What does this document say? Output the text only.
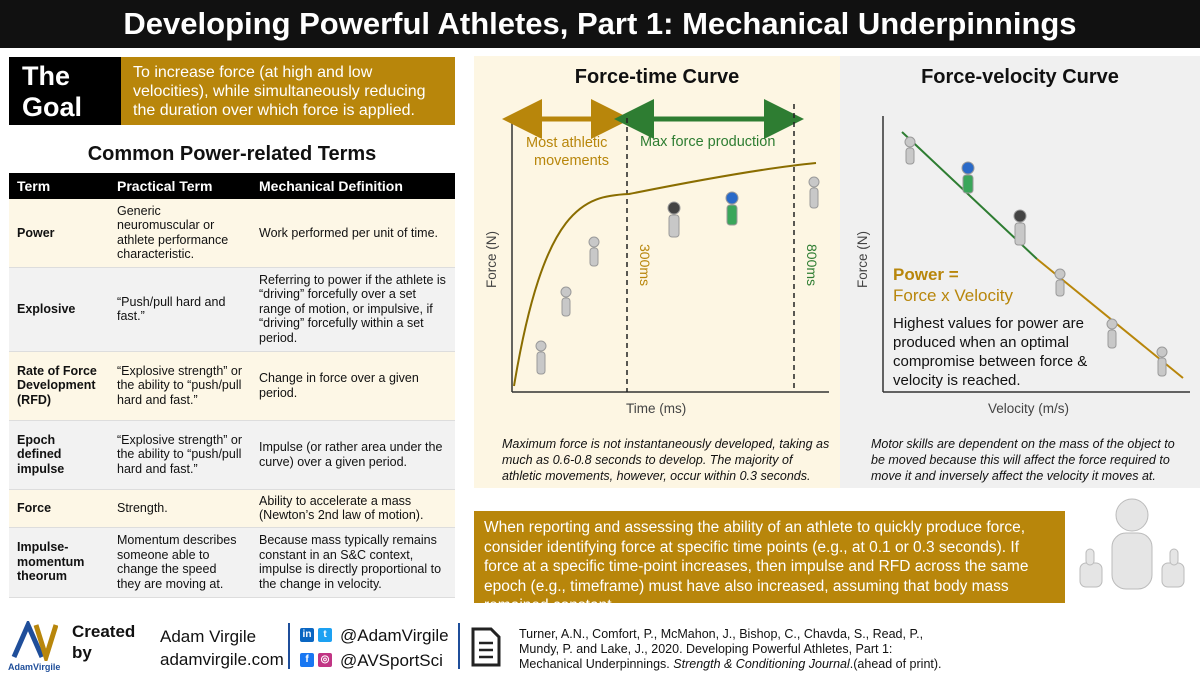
Developing Powerful Athletes, Part 1: Mechanical Underpinnings
The
Goal
To increase force (at high and low velocities), while simultaneously reducing the duration over which force is applied.
Common Power-related Terms
Term	Practical Term	Mechanical Definition
Power	Generic neuromuscular or athlete performance characteristic.	Work performed per unit of time.
Explosive	“Push/pull hard and fast.”	Referring to power if the athlete is “driving” forcefully over a set range of motion, or impulsive, if “driving” forcefully within a set period.
Rate of Force Development (RFD)	“Explosive strength” or the ability to “push/pull hard and fast.”	Change in force over a given period.
Epoch defined impulse	“Explosive strength” or the ability to “push/pull hard and fast.”	Impulse (or rather area under the curve) over a given period.
Force	Strength.	Ability to accelerate a mass (Newton’s 2nd law of motion).
Impulse-momentum theorum	Momentum describes someone able to change the speed they are moving at.	Because mass typically remains constant in an S&C context, impulse is directly proportional to the change in velocity.
Force-time Curve
Most athletic
movements
Max force production
300ms	800ms
Force (N)
Time (ms)
Maximum force is not instantaneously developed, taking as much as 0.6-0.8 seconds to develop. The majority of athletic movements, however, occur within 0.3 seconds.
Force-velocity Curve
Force (N)
Velocity (m/s)
Motor skills are dependent on the mass of the object to be moved because this will affect the force required to move it and inversely affect the velocity it moves at.
Power =
Force x Velocity
Highest values for power are produced when an optimal compromise between force & velocity is reached.
When reporting and assessing the ability of an athlete to quickly produce force, consider identifying force at specific time points (e.g., at 0.1 or 0.3 seconds). If force at a specific time-point increases, then impulse and RFD across the same epoch (e.g., timeframe) must have also increased, assuming that body mass remained constant.
AdamVirgile
Created
by
Adam Virgile
adamvirgile.com
in	t @AdamVirgile
f	◎ @AVSportSci
Turner, A.N., Comfort, P., McMahon, J., Bishop, C., Chavda, S., Read, P., Mundy, P. and Lake, J., 2020. Developing Powerful Athletes, Part 1: Mechanical Underpinnings. Strength & Conditioning Journal.(ahead of print).
